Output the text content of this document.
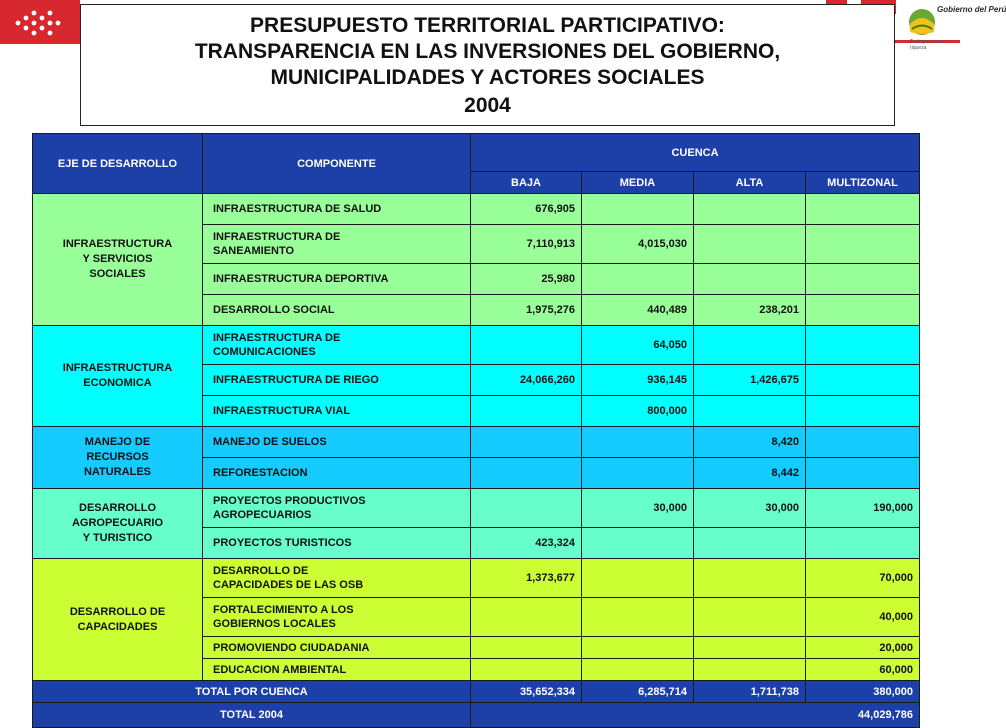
Gobierno del Perú
Trabajar es una riqueza
PRESUPUESTO TERRITORIAL PARTICIPATIVO:
TRANSPARENCIA EN LAS INVERSIONES DEL GOBIERNO,
MUNICIPALIDADES Y ACTORES SOCIALES
2004
EJE DE DESARROLLO	COMPONENTE	CUENCA			
		BAJA	MEDIA	ALTA	MULTIZONAL
INFRAESTRUCTURA
Y SERVICIOS
SOCIALES	INFRAESTRUCTURA DE SALUD	676,905			
	INFRAESTRUCTURA DE
SANEAMIENTO	7,110,913	4,015,030		
	INFRAESTRUCTURA DEPORTIVA	25,980			
	DESARROLLO SOCIAL	1,975,276	440,489	238,201	
INFRAESTRUCTURA
ECONOMICA	INFRAESTRUCTURA DE
COMUNICACIONES		64,050		
	INFRAESTRUCTURA DE RIEGO	24,066,260	936,145	1,426,675	
	INFRAESTRUCTURA VIAL		800,000		
MANEJO DE
RECURSOS
NATURALES	MANEJO DE SUELOS			8,420	
	REFORESTACION			8,442	
DESARROLLO
AGROPECUARIO
Y TURISTICO	PROYECTOS PRODUCTIVOS
AGROPECUARIOS		30,000	30,000	190,000
	PROYECTOS TURISTICOS	423,324			
DESARROLLO DE
CAPACIDADES	DESARROLLO DE
CAPACIDADES DE LAS OSB	1,373,677			70,000
	FORTALECIMIENTO A LOS
GOBIERNOS LOCALES				40,000
	PROMOVIENDO CIUDADANIA				20,000
	EDUCACION AMBIENTAL				60,000
TOTAL POR CUENCA		35,652,334	6,285,714	1,711,738	380,000
TOTAL 2004		44,029,786			
